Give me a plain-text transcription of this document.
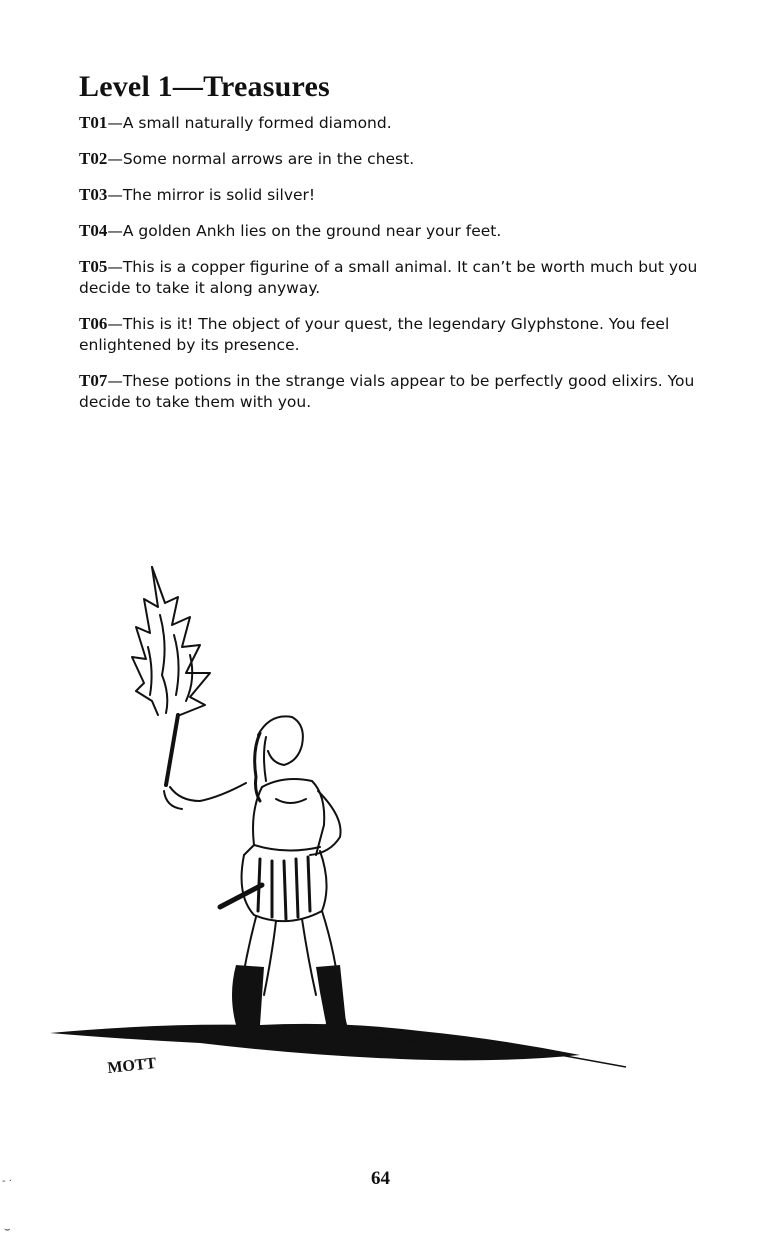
Level 1—Treasures

T01—A small naturally formed diamond.

T02—Some normal arrows are in the chest.

T03—The mirror is solid silver!

T04—A golden Ankh lies on the ground near your feet.

T05—This is a copper figurine of a small animal. It can’t be worth much but you decide to take it along anyway.

T06—This is it! The object of your quest, the legendary Glyphstone. You feel enlightened by its presence.

T07—These potions in the strange vials appear to be perfectly good elixirs. You decide to take them with you.

MOTT
64
- ·
⌣
